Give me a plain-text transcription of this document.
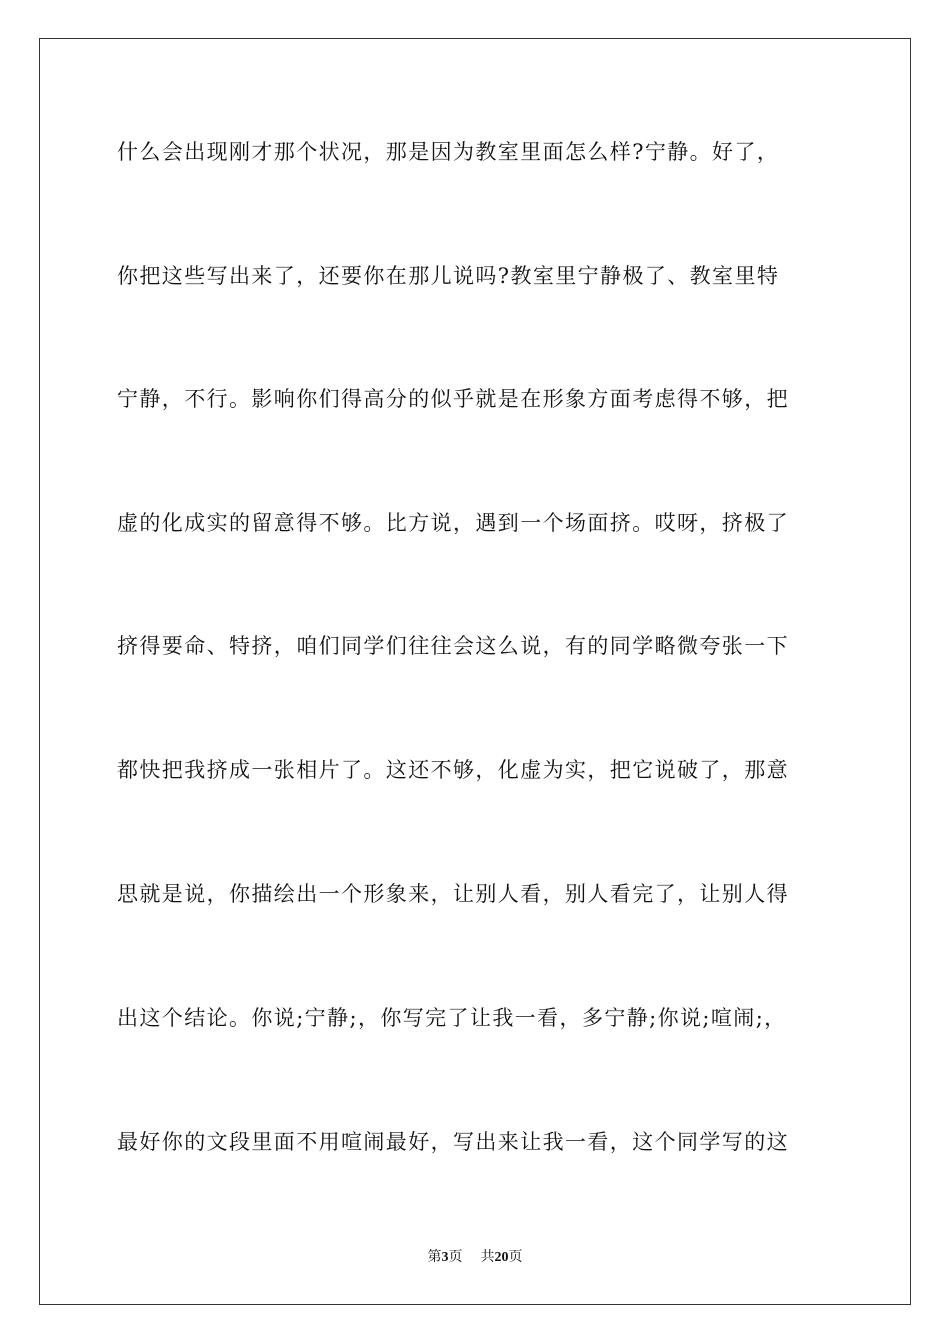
什么会出现刚才那个状况，那是因为教室里面怎么样?宁静。好了，
你把这些写出来了，还要你在那儿说吗?教室里宁静极了、教室里特
宁静，不行。影响你们得高分的似乎就是在形象方面考虑得不够，把
虚的化成实的留意得不够。比方说，遇到一个场面挤。哎呀，挤极了
挤得要命、特挤，咱们同学们往往会这么说，有的同学略微夸张一下
都快把我挤成一张相片了。这还不够，化虚为实，把它说破了，那意
思就是说，你描绘出一个形象来，让别人看，别人看完了，让别人得
出这个结论。你说;宁静;，你写完了让我一看，多宁静;你说;喧闹;，
最好你的文段里面不用喧闹最好，写出来让我一看，这个同学写的这
第3页 共20页
